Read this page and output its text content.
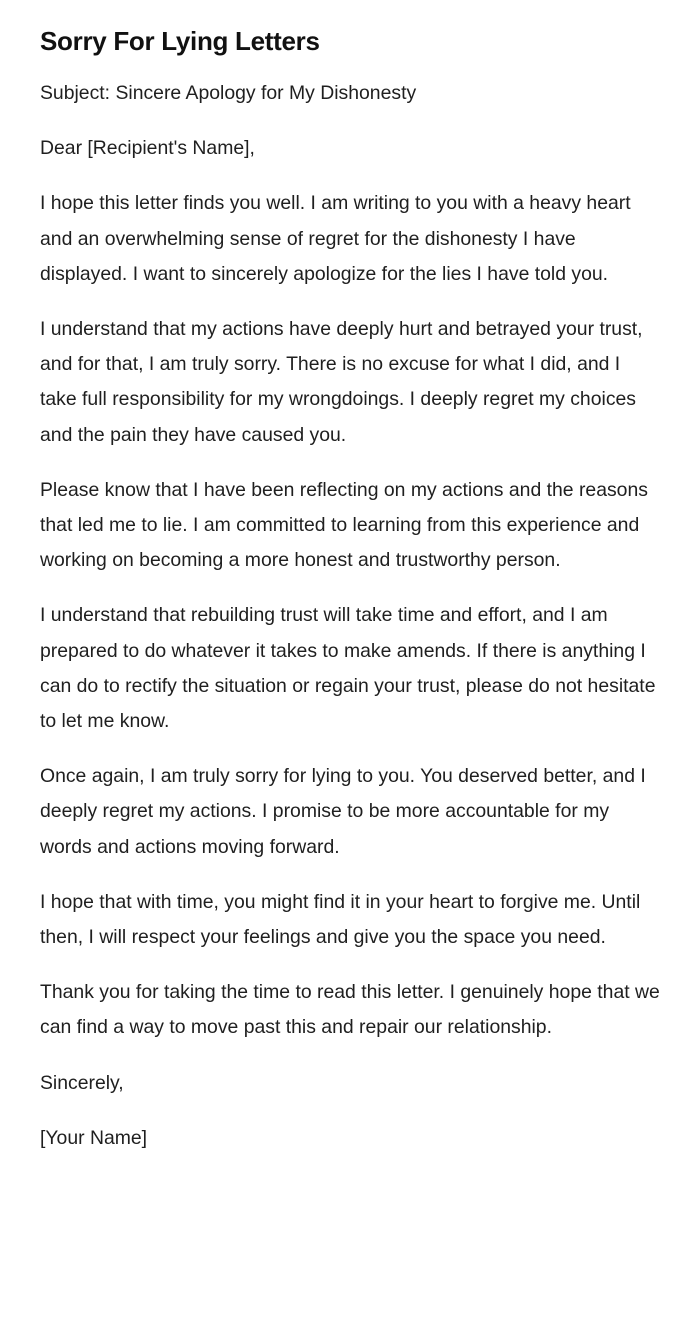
Sorry For Lying Letters

Subject: Sincere Apology for My Dishonesty

Dear [Recipient's Name],

I hope this letter finds you well. I am writing to you with a heavy heart and an overwhelming sense of regret for the dishonesty I have displayed. I want to sincerely apologize for the lies I have told you.

I understand that my actions have deeply hurt and betrayed your trust, and for that, I am truly sorry. There is no excuse for what I did, and I take full responsibility for my wrongdoings. I deeply regret my choices and the pain they have caused you.

Please know that I have been reflecting on my actions and the reasons that led me to lie. I am committed to learning from this experience and working on becoming a more honest and trustworthy person.

I understand that rebuilding trust will take time and effort, and I am prepared to do whatever it takes to make amends. If there is anything I can do to rectify the situation or regain your trust, please do not hesitate to let me know.

Once again, I am truly sorry for lying to you. You deserved better, and I deeply regret my actions. I promise to be more accountable for my words and actions moving forward.

I hope that with time, you might find it in your heart to forgive me. Until then, I will respect your feelings and give you the space you need.

Thank you for taking the time to read this letter. I genuinely hope that we can find a way to move past this and repair our relationship.

Sincerely,

[Your Name]
